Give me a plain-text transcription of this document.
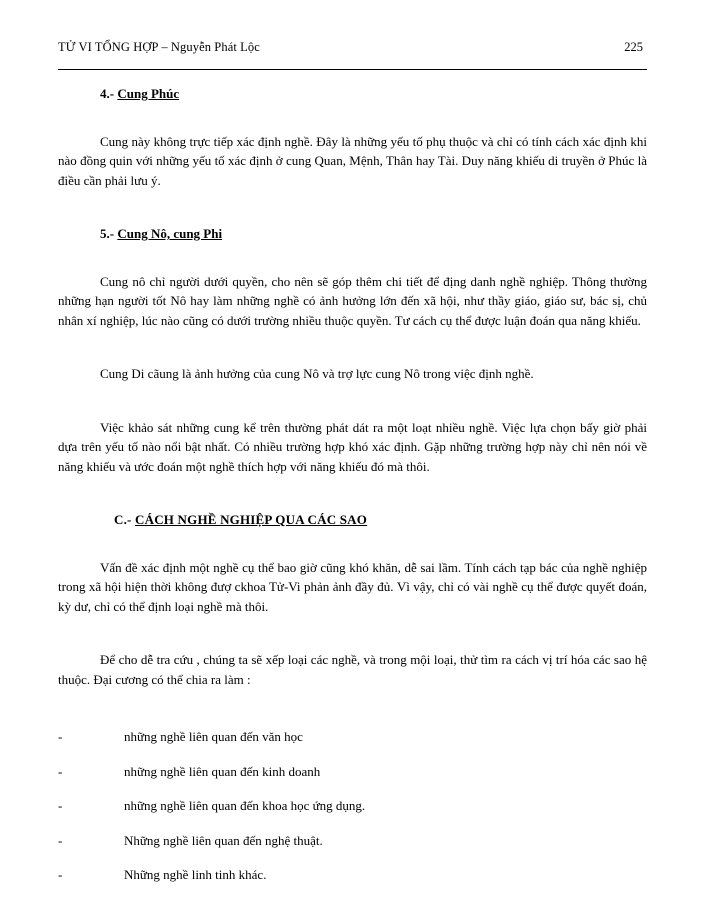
TỬ VI TỔNG HỢP – Nguyễn Phát Lộc	225

4.- Cung Phúc

Cung này không trực tiếp xác định nghề. Đây là những yếu tố phụ thuộc và chỉ có tính cách xác định khi nào đồng quin với những yếu tố xác định ở cung Quan, Mệnh, Thân hay Tài. Duy năng khiếu di truyền ở Phúc là điều cần phải lưu ý.

5.- Cung Nô, cung Phi

Cung nô chỉ người dưới quyền, cho nên sẽ góp thêm chi tiết để địng danh nghề nghiệp. Thông thường những hạn người tốt Nô hay làm những nghề có ảnh hưởng lớn đến xã hội, như thầy giáo, giáo sư, bác sị, chủ nhân xí nghiệp, lúc nào cũng có dưới trường nhiều thuộc quyền. Tư cách cụ thể được luận đoán qua năng khiếu.

Cung Di cãung là ảnh hưởng của cung Nô và trợ lực cung Nô trong việc định nghề.

Việc khảo sát những cung kể trên thường phát dát ra một loạt nhiều nghề. Việc lựa chọn bấy giờ phải dựa trên yếu tố nào nổi bật nhất. Có nhiều trường hợp khó xác định. Gặp những trường hợp này chỉ nên nói về năng khiếu và ước đoán một nghề thích hợp với năng khiếu đó mà thôi.

C.- CÁCH NGHỀ NGHIỆP QUA CÁC SAO

Vấn đề xác định một nghề cụ thể bao giờ cũng khó khăn, dễ sai lầm. Tính cách tạp bác của nghề nghiệp trong xã hội hiện thời không đượ ckhoa Tử-Vi phản ảnh đầy đủ. Vì vậy, chỉ có vài nghề cụ thể được quyết đoán, kỳ dư, chỉ có thể định loại nghề mà thôi.

Để cho dễ tra cứu , chúng ta sẽ xếp loại các nghề, và trong mội loại, thử tìm ra cách vị trí hóa các sao hệ thuộc. Đại cương có thể chia ra làm :

-	những nghề liên quan đến văn học
-	những nghề liên quan đến kinh doanh
-	những nghề liên quan đến khoa học ứng dụng.
-	Những nghề liên quan đến nghệ thuật.
-	Những nghề linh tinh khác.
